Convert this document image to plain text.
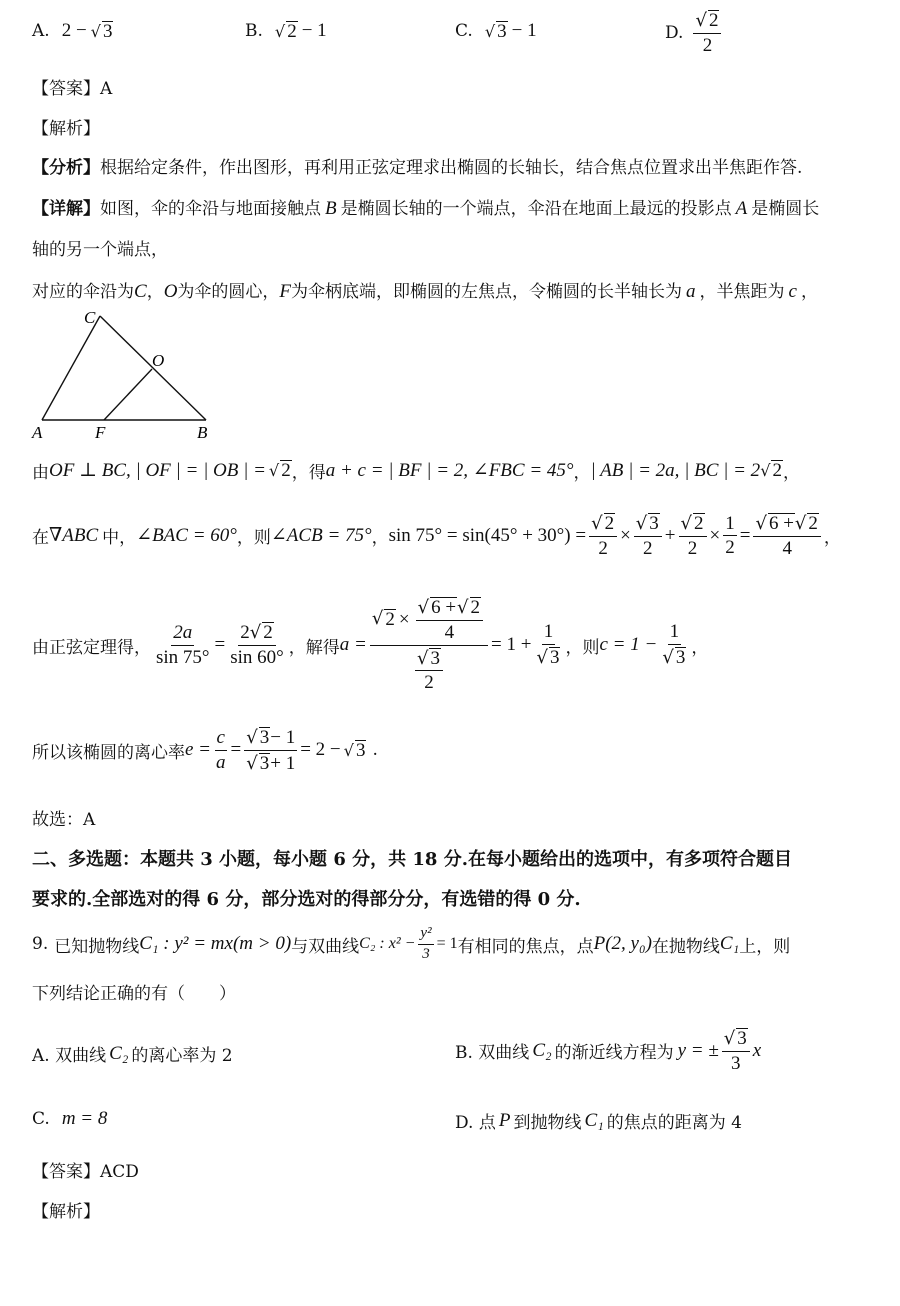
A. 2 − √ 3	B. √ 2 − 1	C. √ 3 − 1	D. $\frac{√ 2}{2}$
【答案】A
【解析】
【分析】根据给定条件，作出图形，再利用正弦定理求出椭圆的长轴长，结合焦点位置求出半焦距作答.
【详解】如图，伞的伞沿与地面接触点 B 是椭圆长轴的一个端点，伞沿在地面上最远的投影点 A 是椭圆长
轴的另一个端点，
对应的伞沿为C，O为伞的圆心，F为伞柄底端，即椭圆的左焦点，令椭圆的长半轴长为 a ，半焦距为 c ，
C
O
A	F	B
由 OF ⊥ BC, | OF | = | OB | = √ 2 ，得 a + c = | BF | = 2, ∠FBC = 45° ， | AB | = 2a, | BC | = 2 √ 2 ，
在 ∇ABC 中， ∠BAC = 60° ，则 ∠ACB = 75° ， $\sin 75^\circ = \sin(45^\circ + 30^\circ) = \frac{√ 2}{2} \times \frac{√ 3}{2} + \frac{√ 2}{2} \times \frac{1}{2} = \frac{√ 6 +√ 2}{4}$ ，
由正弦定理得， $\frac{2a}{\sin 75^\circ} = \frac{2√ 2}{\sin 60^\circ}$ ，解得 $a = \frac{√ 2 \times \frac{√ 6 +√ 2}{4}}{\frac{√ 3}{2}} = 1 + \frac{1}{√ 3}$ ，则 $c = 1 - \frac{1}{√ 3}$ ，
所以该椭圆的离心率 $e = \frac{c}{a} = \frac{√ 3- 1}{√ 3+ 1} = 2$ − √ 3 .
故选：A
二、多选题：本题共 3 小题，每小题 6 分，共 18 分.在每小题给出的选项中，有多项符合题目
要求的.全部选对的得 6 分，部分选对的得部分分，有选错的得 0 分.
9. 已知抛物线 C₁ : y² = mx(m > 0) 与双曲线 C₂ : $x^2 - \frac{\text{y²}}{3} = 1$ 有相同的焦点，点 P(2, y₀) 在抛物线 C₁ 上，则
下列结论正确的有（　　）
A. 双曲线 C₂ 的离心率为 2	B. 双曲线 C₂ 的渐近线方程为 y = ± $\frac{√ 3}{3}$ x
C. m = 8	D. 点 P 到抛物线 C₁ 的焦点的距离为 4
【答案】ACD
【解析】
